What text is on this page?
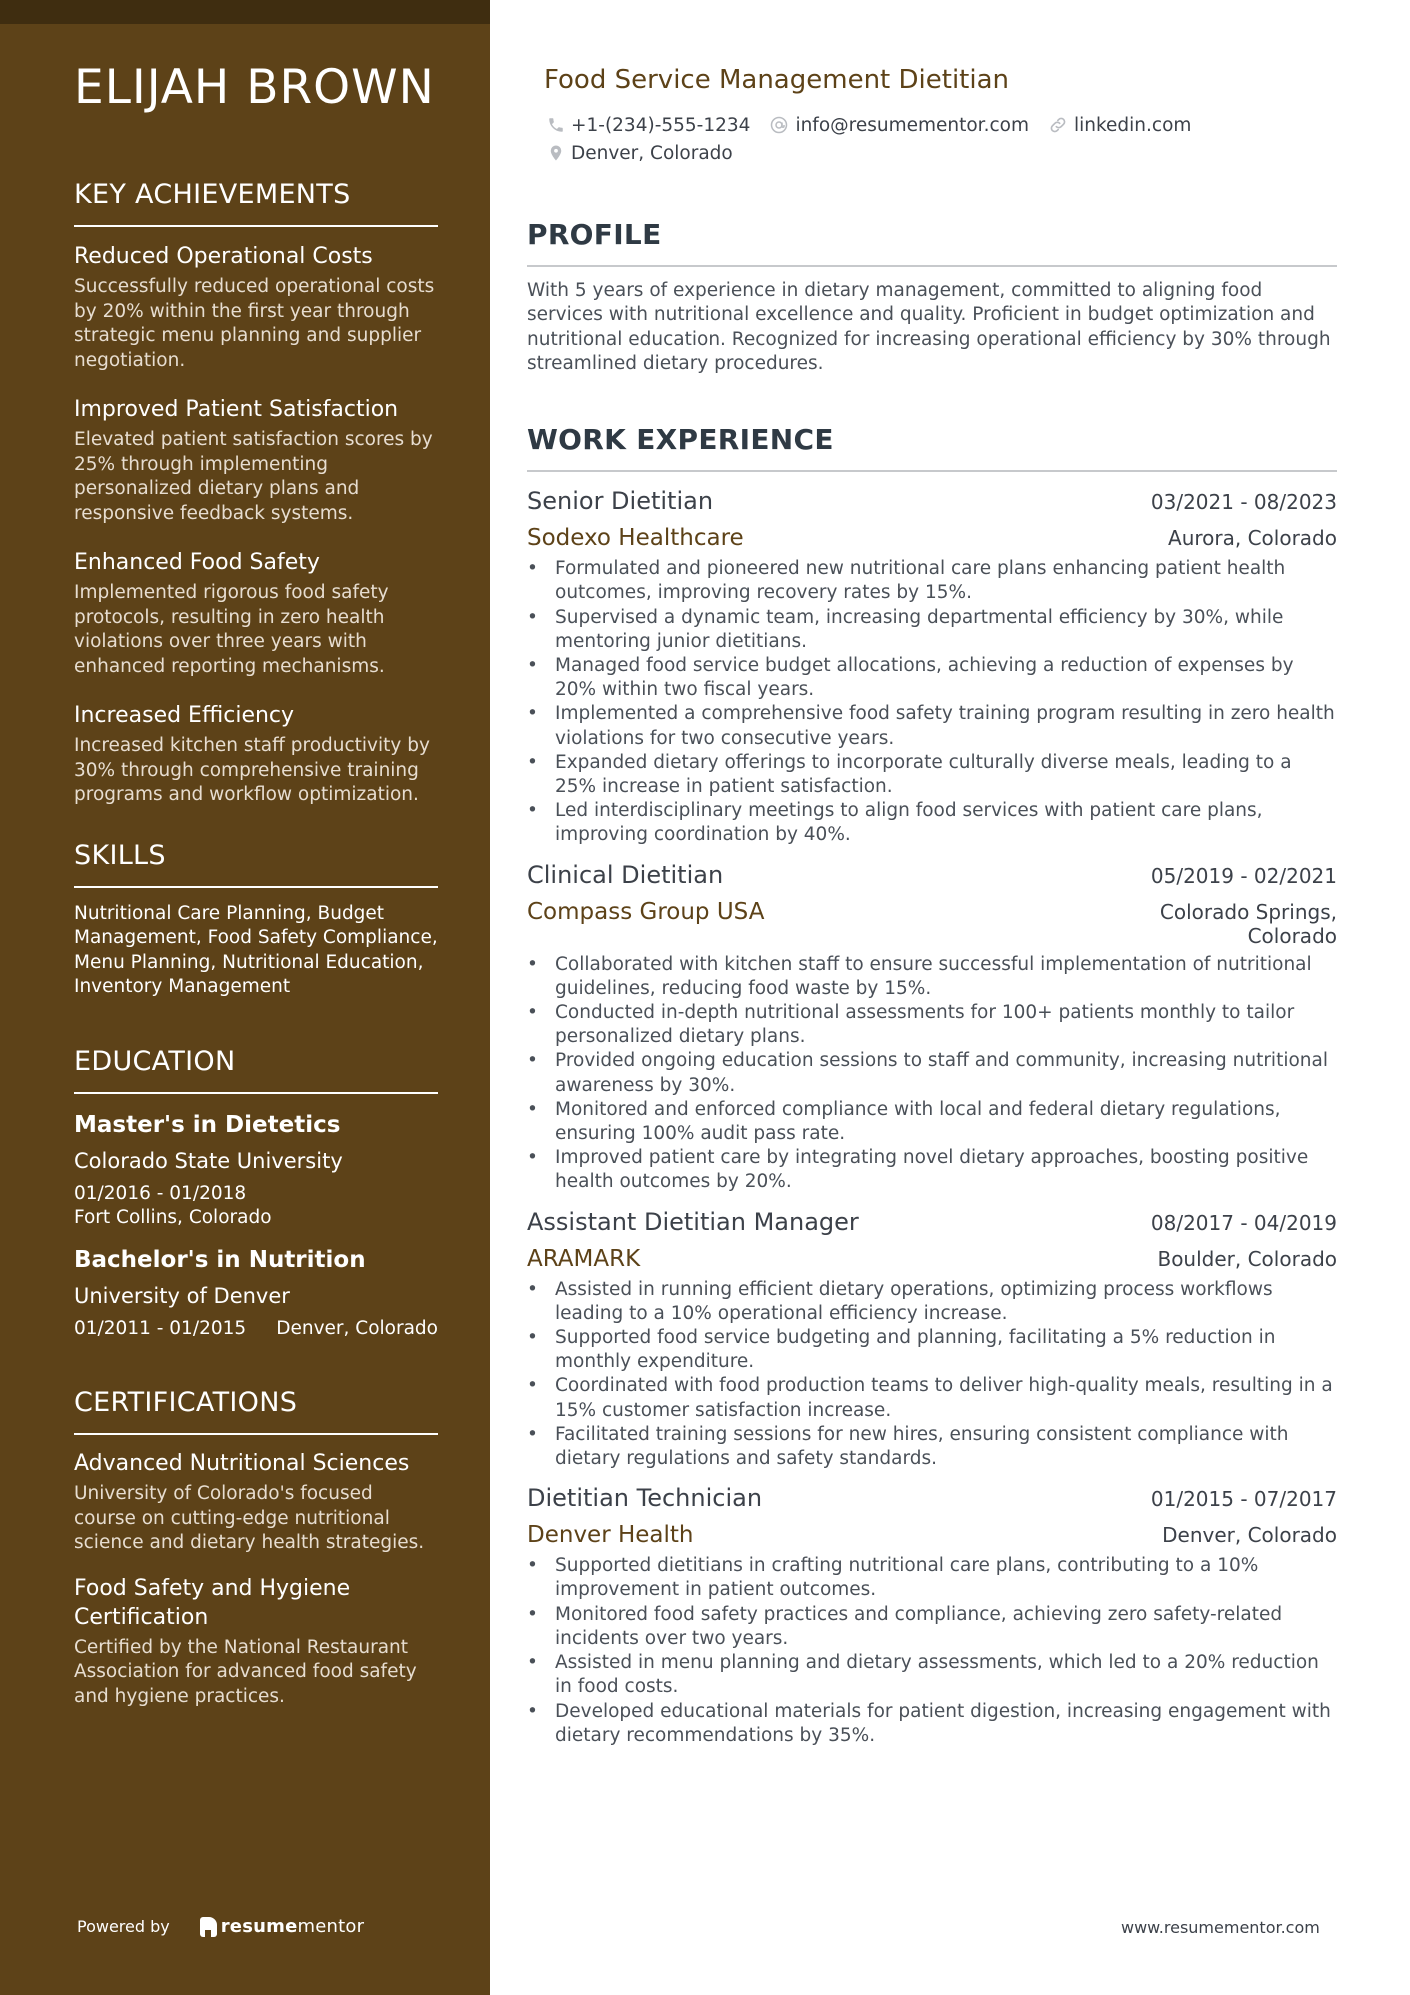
ELIJAH BROWN
KEY ACHIEVEMENTS
Reduced Operational Costs
Successfully reduced operational costs by 20% within the first year through strategic menu planning and supplier negotiation.
Improved Patient Satisfaction
Elevated patient satisfaction scores by 25% through implementing personalized dietary plans and responsive feedback systems.
Enhanced Food Safety
Implemented rigorous food safety protocols, resulting in zero health violations over three years with enhanced reporting mechanisms.
Increased Efficiency
Increased kitchen staff productivity by 30% through comprehensive training programs and workflow optimization.
SKILLS
Nutritional Care Planning, Budget Management, Food Safety Compliance, Menu Planning, Nutritional Education, Inventory Management
EDUCATION
Master's in Dietetics
Colorado State University
01/2016 - 01/2018
Fort Collins, Colorado
Bachelor's in Nutrition
University of Denver
01/2011 - 01/2015 Denver, Colorado
CERTIFICATIONS
Advanced Nutritional Sciences
University of Colorado's focused course on cutting-edge nutritional science and dietary health strategies.
Food Safety and Hygiene Certification
Certified by the National Restaurant Association for advanced food safety and hygiene practices.
Powered by	resumementor
Food Service Management Dietitian
+1-(234)-555-1234 info@resumementor.com linkedin.com
Denver, Colorado
PROFILE

With 5 years of experience in dietary management, committed to aligning food services with nutritional excellence and quality. Proficient in budget optimization and nutritional education. Recognized for increasing operational efficiency by 30% through streamlined dietary procedures.

WORK EXPERIENCE
Senior Dietitian	03/2021 - 08/2023
Sodexo Healthcare	Aurora, Colorado
• Formulated and pioneered new nutritional care plans enhancing patient health outcomes, improving recovery rates by 15%.
• Supervised a dynamic team, increasing departmental efficiency by 30%, while mentoring junior dietitians.
• Managed food service budget allocations, achieving a reduction of expenses by 20% within two fiscal years.
• Implemented a comprehensive food safety training program resulting in zero health violations for two consecutive years.
• Expanded dietary offerings to incorporate culturally diverse meals, leading to a 25% increase in patient satisfaction.
• Led interdisciplinary meetings to align food services with patient care plans, improving coordination by 40%.
Clinical Dietitian	05/2019 - 02/2021
Compass Group USA	Colorado Springs, Colorado
• Collaborated with kitchen staff to ensure successful implementation of nutritional guidelines, reducing food waste by 15%.
• Conducted in-depth nutritional assessments for 100+ patients monthly to tailor personalized dietary plans.
• Provided ongoing education sessions to staff and community, increasing nutritional awareness by 30%.
• Monitored and enforced compliance with local and federal dietary regulations, ensuring 100% audit pass rate.
• Improved patient care by integrating novel dietary approaches, boosting positive health outcomes by 20%.
Assistant Dietitian Manager	08/2017 - 04/2019
ARAMARK	Boulder, Colorado
• Assisted in running efficient dietary operations, optimizing process workflows leading to a 10% operational efficiency increase.
• Supported food service budgeting and planning, facilitating a 5% reduction in monthly expenditure.
• Coordinated with food production teams to deliver high-quality meals, resulting in a 15% customer satisfaction increase.
• Facilitated training sessions for new hires, ensuring consistent compliance with dietary regulations and safety standards.
Dietitian Technician	01/2015 - 07/2017
Denver Health	Denver, Colorado
• Supported dietitians in crafting nutritional care plans, contributing to a 10% improvement in patient outcomes.
• Monitored food safety practices and compliance, achieving zero safety-related incidents over two years.
• Assisted in menu planning and dietary assessments, which led to a 20% reduction in food costs.
• Developed educational materials for patient digestion, increasing engagement with dietary recommendations by 35%.
www.resumementor.com
